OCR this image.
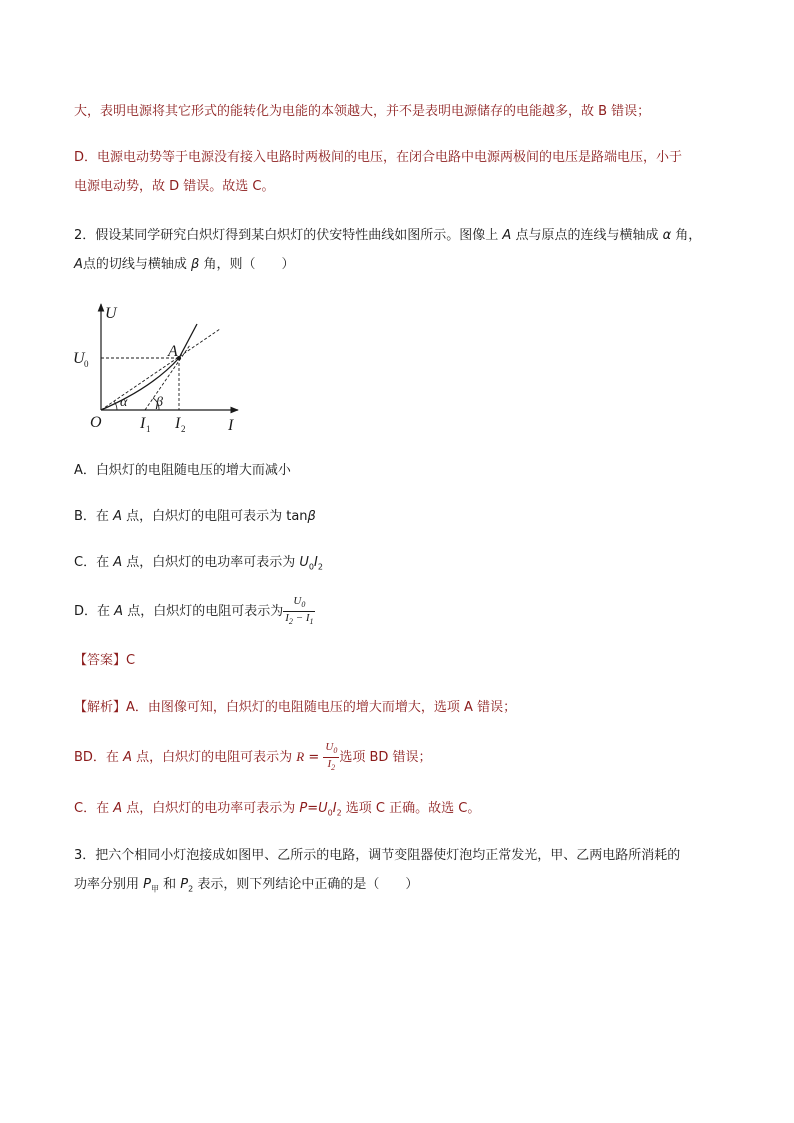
大，表明电源将其它形式的能转化为电能的本领越大，并不是表明电源储存的电能越多，故 B 错误；
D．电源电动势等于电源没有接入电路时两极间的电压，在闭合电路中电源两极间的电压是路端电压，小于
电源电动势，故 D 错误。故选 C。
2．假设某同学研究白炽灯得到某白炽灯的伏安特性曲线如图所示。图像上 A 点与原点的连线与横轴成 α 角，
A点的切线与横轴成 β 角，则（　　）
U
I
O
A
U 0
I 1 I 2
α β
A．白炽灯的电阻随电压的增大而减小
B．在 A 点，白炽灯的电阻可表示为 tanβ
C．在 A 点，白炽灯的电功率可表示为 $U_0I_2$
D．在 A 点，白炽灯的电阻可表示为 $\frac{U_0}{I_2 - I_1}$
【答案】C
【解析】A．由图像可知，白炽灯的电阻随电压的增大而增大，选项 A 错误；
BD．在 A 点，白炽灯的电阻可表示为 $R = \frac{U_0}{I_2}$ 选项 BD 错误；
C．在 A 点，白炽灯的电功率可表示为 $P=U_0I_2$ 选项 C 正确。故选 C。
3．把六个相同小灯泡接成如图甲、乙所示的电路，调节变阻器使灯泡均正常发光，甲、乙两电路所消耗的
功率分别用 $P_甲$ 和 $P_2$ 表示，则下列结论中正确的是（　　）
